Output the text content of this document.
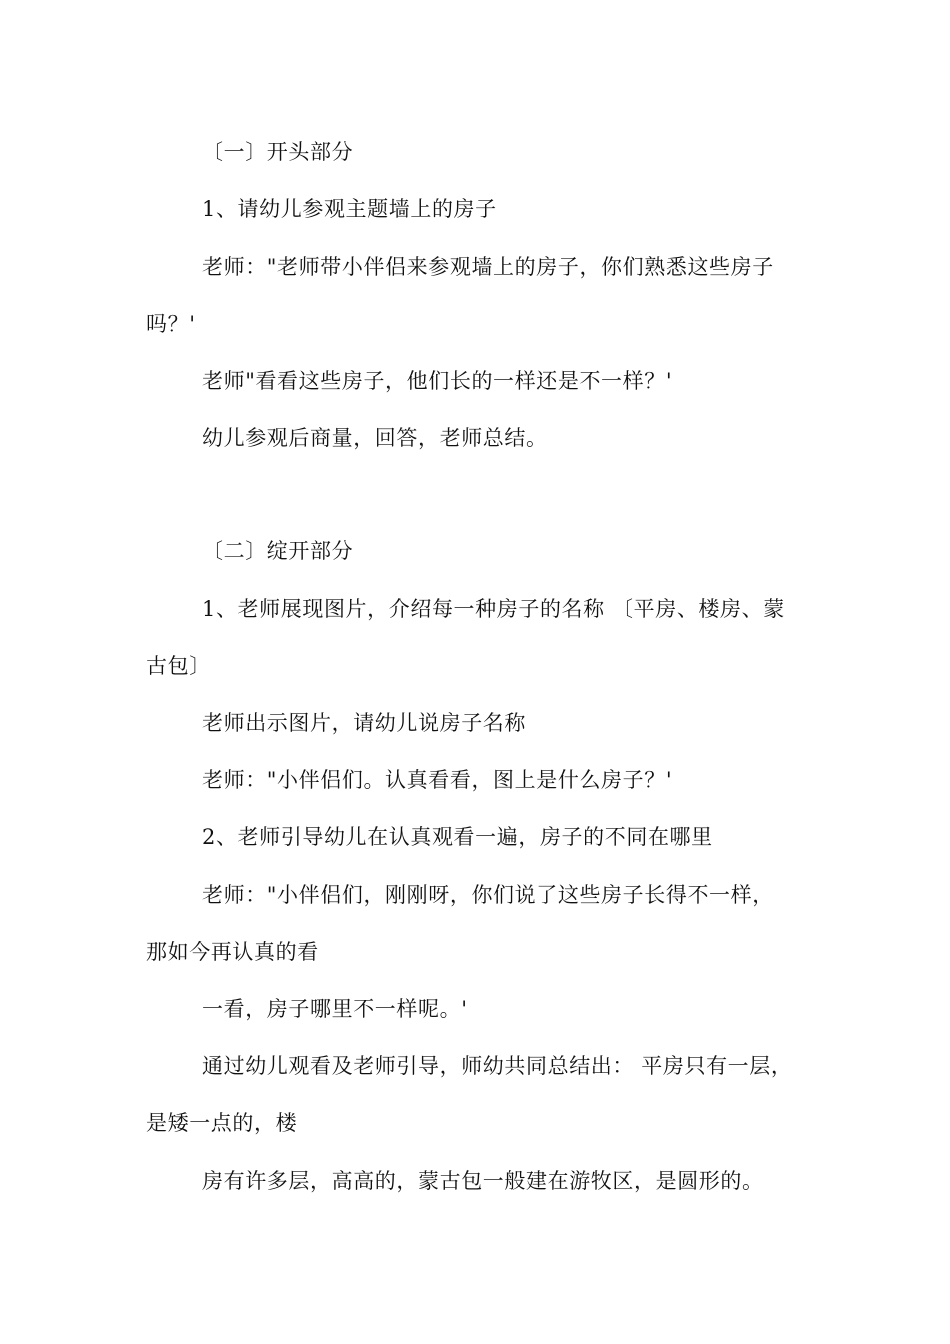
〔一〕开头部分
1、请幼儿参观主题墙上的房子
老师："老师带小伴侣来参观墙上的房子，你们熟悉这些房子
吗？'
老师"看看这些房子，他们长的一样还是不一样？'
幼儿参观后商量，回答，老师总结。
〔二〕绽开部分
1、老师展现图片，介绍每一种房子的名称 〔平房、楼房、蒙
古包〕
老师出示图片，请幼儿说房子名称
老师："小伴侣们。认真看看，图上是什么房子？'
2、老师引导幼儿在认真观看一遍，房子的不同在哪里
老师："小伴侣们，刚刚呀，你们说了这些房子长得不一样，
那如今再认真的看
一看，房子哪里不一样呢。'
通过幼儿观看及老师引导，师幼共同总结出： 平房只有一层，
是矮一点的，楼
房有许多层，高高的，蒙古包一般建在游牧区，是圆形的。
